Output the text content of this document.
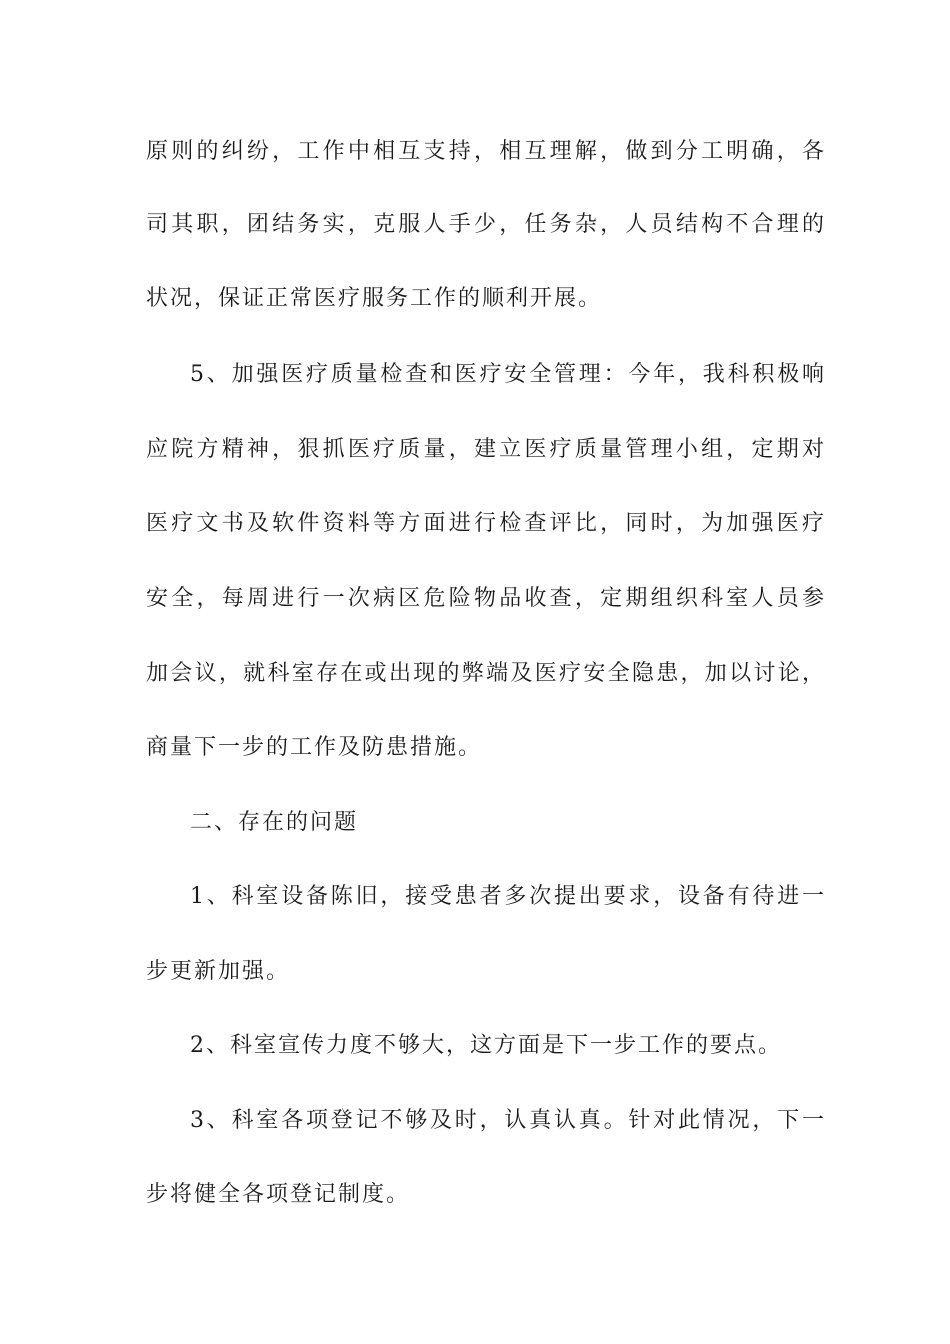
原则的纠纷，工作中相互支持，相互理解，做到分工明确，各
司其职，团结务实，克服人手少，任务杂，人员结构不合理的
状况，保证正常医疗服务工作的顺利开展。
5、加强医疗质量检查和医疗安全管理：今年，我科积极响
应院方精神，狠抓医疗质量，建立医疗质量管理小组，定期对
医疗文书及软件资料等方面进行检查评比，同时，为加强医疗
安全，每周进行一次病区危险物品收查，定期组织科室人员参
加会议，就科室存在或出现的弊端及医疗安全隐患，加以讨论，
商量下一步的工作及防患措施。
二、存在的问题
1、科室设备陈旧，接受患者多次提出要求，设备有待进一
步更新加强。
2、科室宣传力度不够大，这方面是下一步工作的要点。
3、科室各项登记不够及时，认真认真。针对此情况，下一
步将健全各项登记制度。
